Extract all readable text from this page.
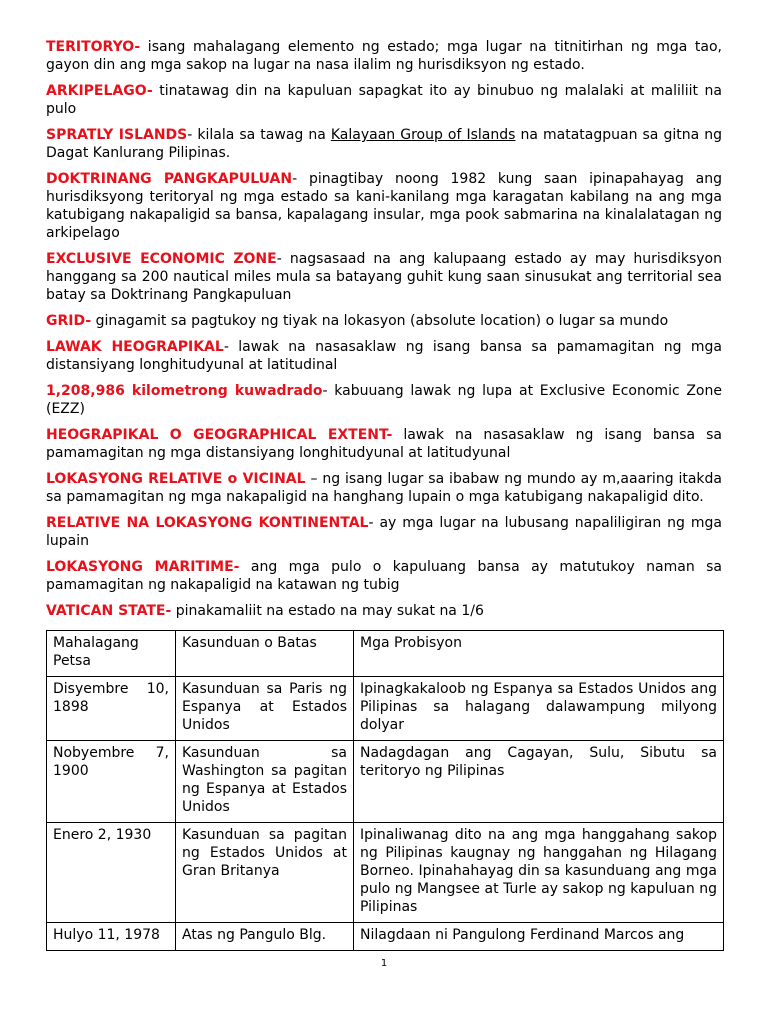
TERITORYO- isang mahalagang elemento ng estado; mga lugar na titnitirhan ng mga tao, gayon din ang mga sakop na lugar na nasa ilalim ng hurisdiksyon ng estado.

ARKIPELAGO- tinatawag din na kapuluan sapagkat ito ay binubuo ng malalaki at maliliit na pulo

SPRATLY ISLANDS- kilala sa tawag na Kalayaan Group of Islands na matatagpuan sa gitna ng Dagat Kanlurang Pilipinas.

DOKTRINANG PANGKAPULUAN- pinagtibay noong 1982 kung saan ipinapahayag ang hurisdiksyong teritoryal ng mga estado sa kani-kanilang mga karagatan kabilang na ang mga katubigang nakapaligid sa bansa, kapalagang insular, mga pook sabmarina na kinalalatagan ng arkipelago

EXCLUSIVE ECONOMIC ZONE- nagsasaad na ang kalupaang estado ay may hurisdiksyon hanggang sa 200 nautical miles mula sa batayang guhit kung saan sinusukat ang territorial sea batay sa Doktrinang Pangkapuluan

GRID- ginagamit sa pagtukoy ng tiyak na lokasyon (absolute location) o lugar sa mundo

LAWAK HEOGRAPIKAL- lawak na nasasaklaw ng isang bansa sa pamamagitan ng mga distansiyang longhitudyunal at latitudinal

1,208,986 kilometrong kuwadrado- kabuuang lawak ng lupa at Exclusive Economic Zone (EZZ)

HEOGRAPIKAL O GEOGRAPHICAL EXTENT- lawak na nasasaklaw ng isang bansa sa pamamagitan ng mga distansiyang longhitudyunal at latitudyunal

LOKASYONG RELATIVE o VICINAL – ng isang lugar sa ibabaw ng mundo ay m,aaaring itakda sa pamamagitan ng mga nakapaligid na hanghang lupain o mga katubigang nakapaligid dito.

RELATIVE NA LOKASYONG KONTINENTAL- ay mga lugar na lubusang napaliligiran ng mga lupain

LOKASYONG MARITIME- ang mga pulo o kapuluang bansa ay matutukoy naman sa pamamagitan ng nakapaligid na katawan ng tubig

VATICAN STATE- pinakamaliit na estado na may sukat na 1/6

Mahalagang Petsa	Kasunduan o Batas	Mga Probisyon
Disyembre 10, 1898	Kasunduan sa Paris ng Espanya at Estados Unidos	Ipinagkakaloob ng Espanya sa Estados Unidos ang Pilipinas sa halagang dalawampung milyong dolyar
Nobyembre 7, 1900	Kasunduan sa Washington sa pagitan ng Espanya at Estados Unidos	Nadagdagan ang Cagayan, Sulu, Sibutu sa teritoryo ng Pilipinas
Enero 2, 1930	Kasunduan sa pagitan ng Estados Unidos at Gran Britanya	Ipinaliwanag dito na ang mga hanggahang sakop ng Pilipinas kaugnay ng hanggahan ng Hilagang Borneo. Ipinahahayag din sa kasunduang ang mga pulo ng Mangsee at Turle ay sakop ng kapuluan ng Pilipinas
Hulyo 11, 1978	Atas ng Pangulo Blg.	Nilagdaan ni Pangulong Ferdinand Marcos ang
1
